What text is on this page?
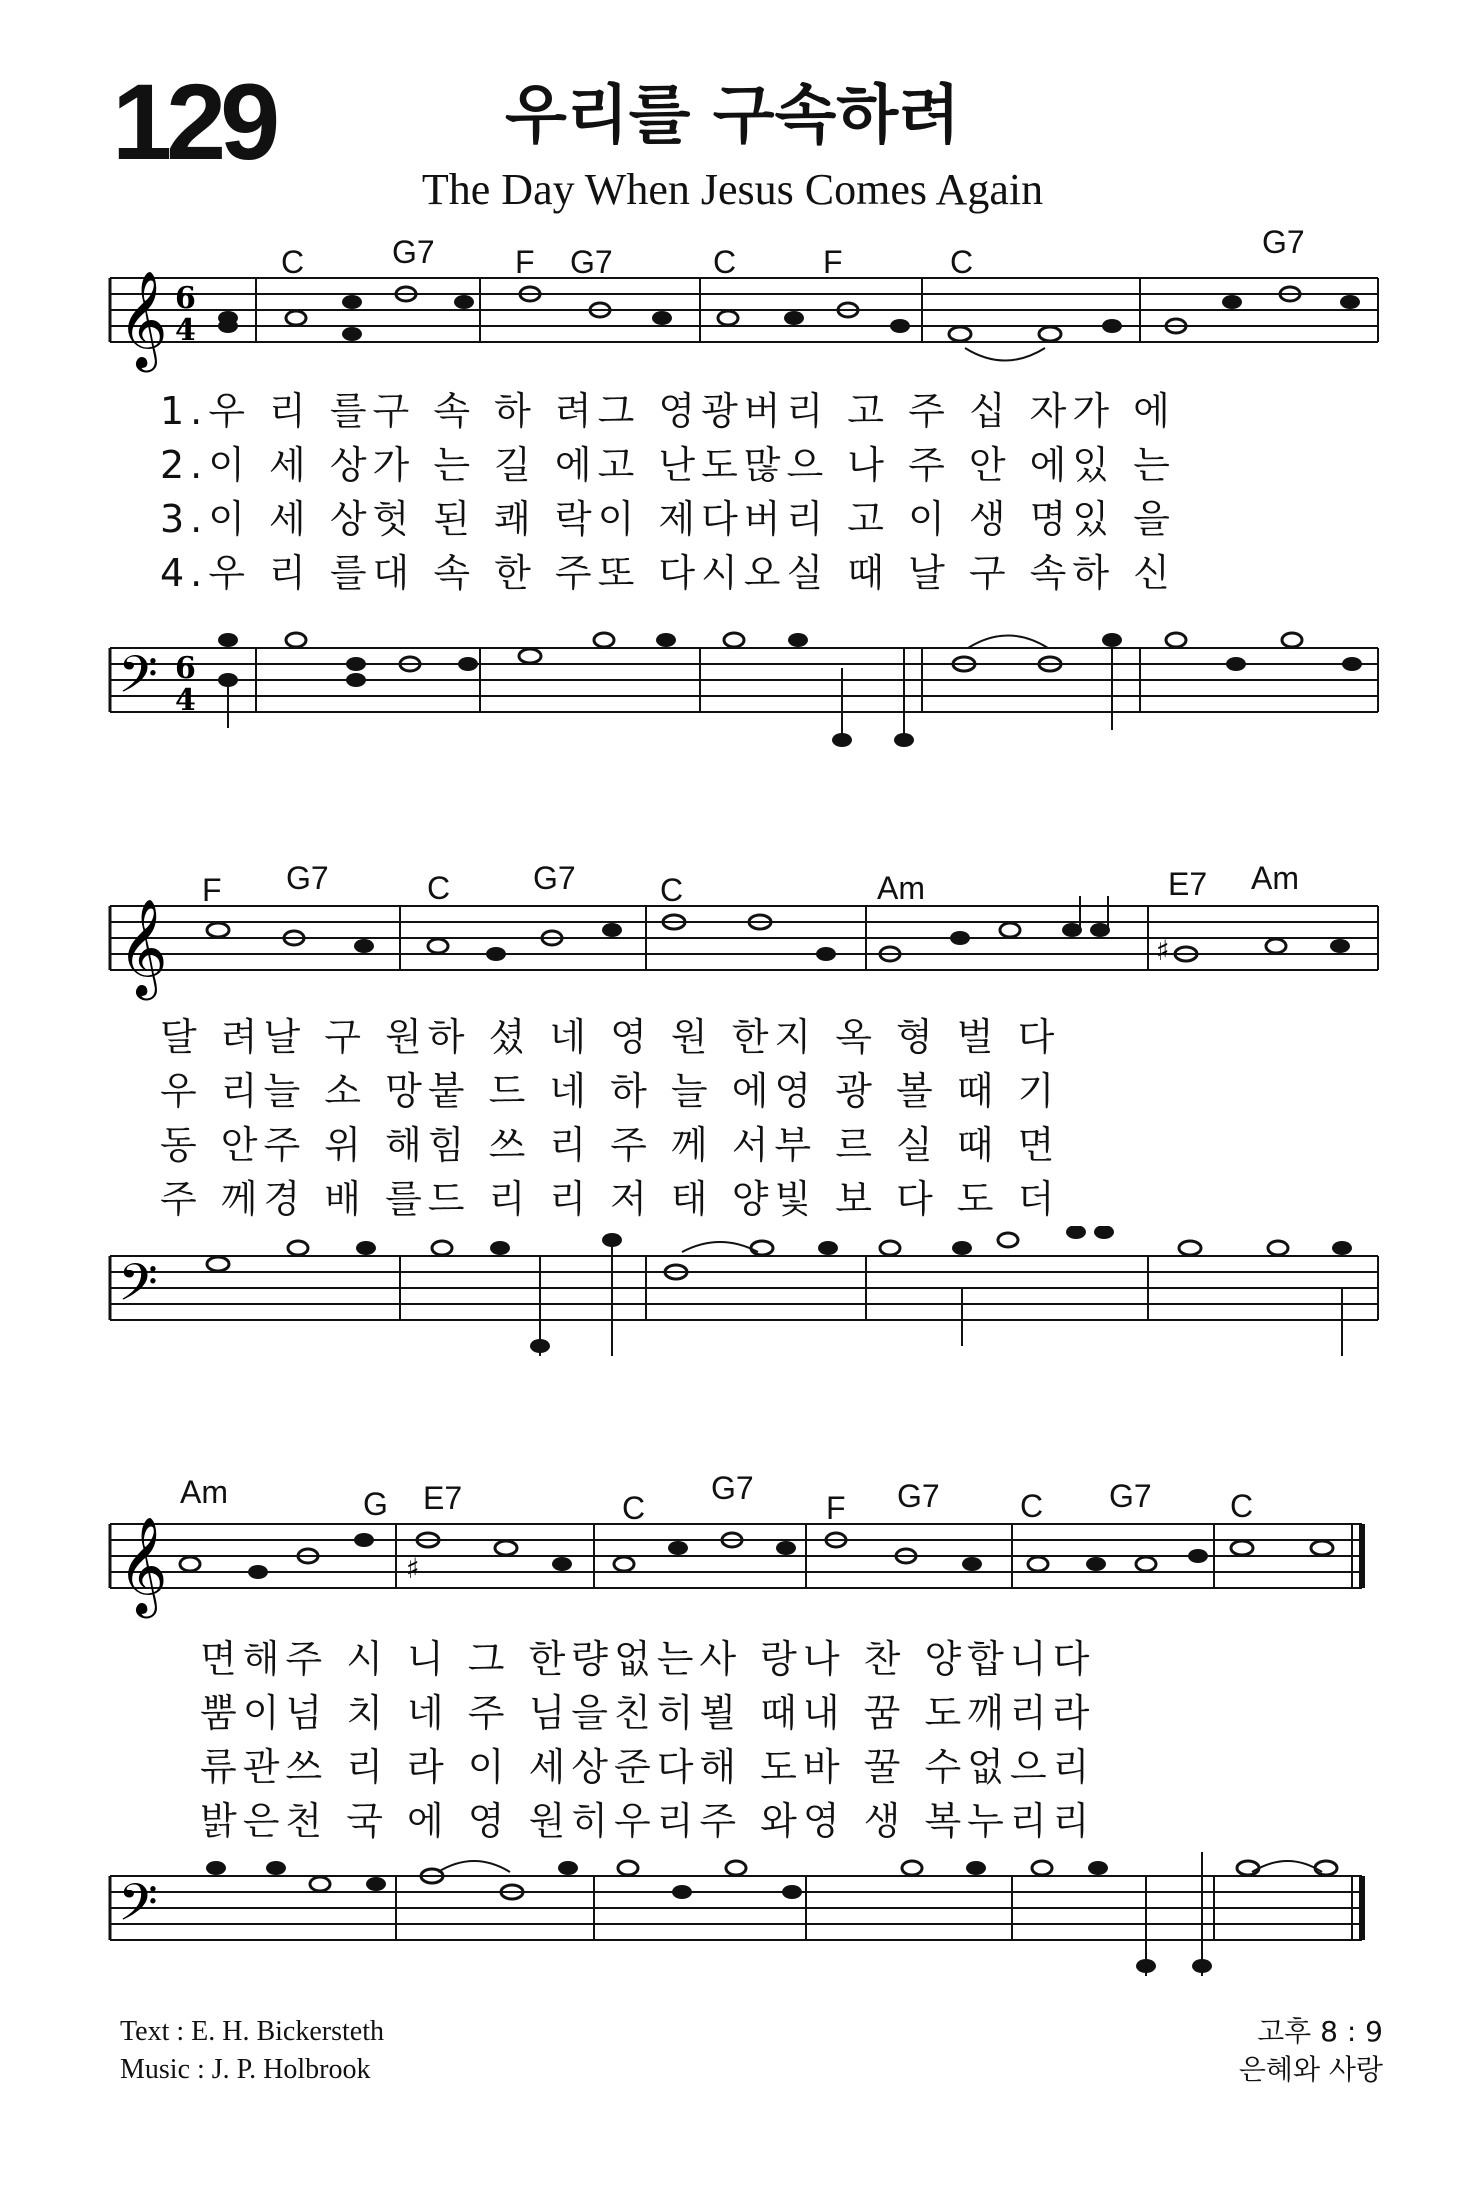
129	우리를 구속하려
The Day When Jesus Comes Again
C	G7	F G7	C	F	C
G7
𝄞 6
4
1.우 리 를구 속 하 려그 영광버리 고 주 십 자가 에
2.이 세 상가 는 길 에고 난도많으 나 주 안 에있 는
3.이 세 상헛 된 쾌 락이 제다버리 고 이 생 명있 을
4.우 리 를대 속 한 주또 다시오실 때 날 구 속하 신
𝄢 6
4
F G7	C	G7	C	Am	E7 Am
𝄞	♯
달 려날 구 원하 셨 네 영 원 한지 옥 형 벌 다
우 리늘 소 망붙 드 네 하 늘 에영 광 볼 때 기
동 안주 위 해힘 쓰 리 주 께 서부 르 실 때 면
주 께경 배 를드 리 리 저 태 양빛 보 다 도 더
𝄢
Am	G E7	C
G7
F G7	C G7 C
𝄞	♯
면해주 시 니 그 한량없는사 랑나 찬 양합니다
뿜이넘 치 네 주 님을친히뵐 때내 꿈 도깨리라
류관쓰 리 라 이 세상준다해 도바 꿀 수없으리
밝은천 국 에 영 원히우리주 와영 생 복누리리
𝄢
Text : E. H. Bickersteth
Music : J. P. Holbrook
고후 8 : 9
은혜와 사랑
